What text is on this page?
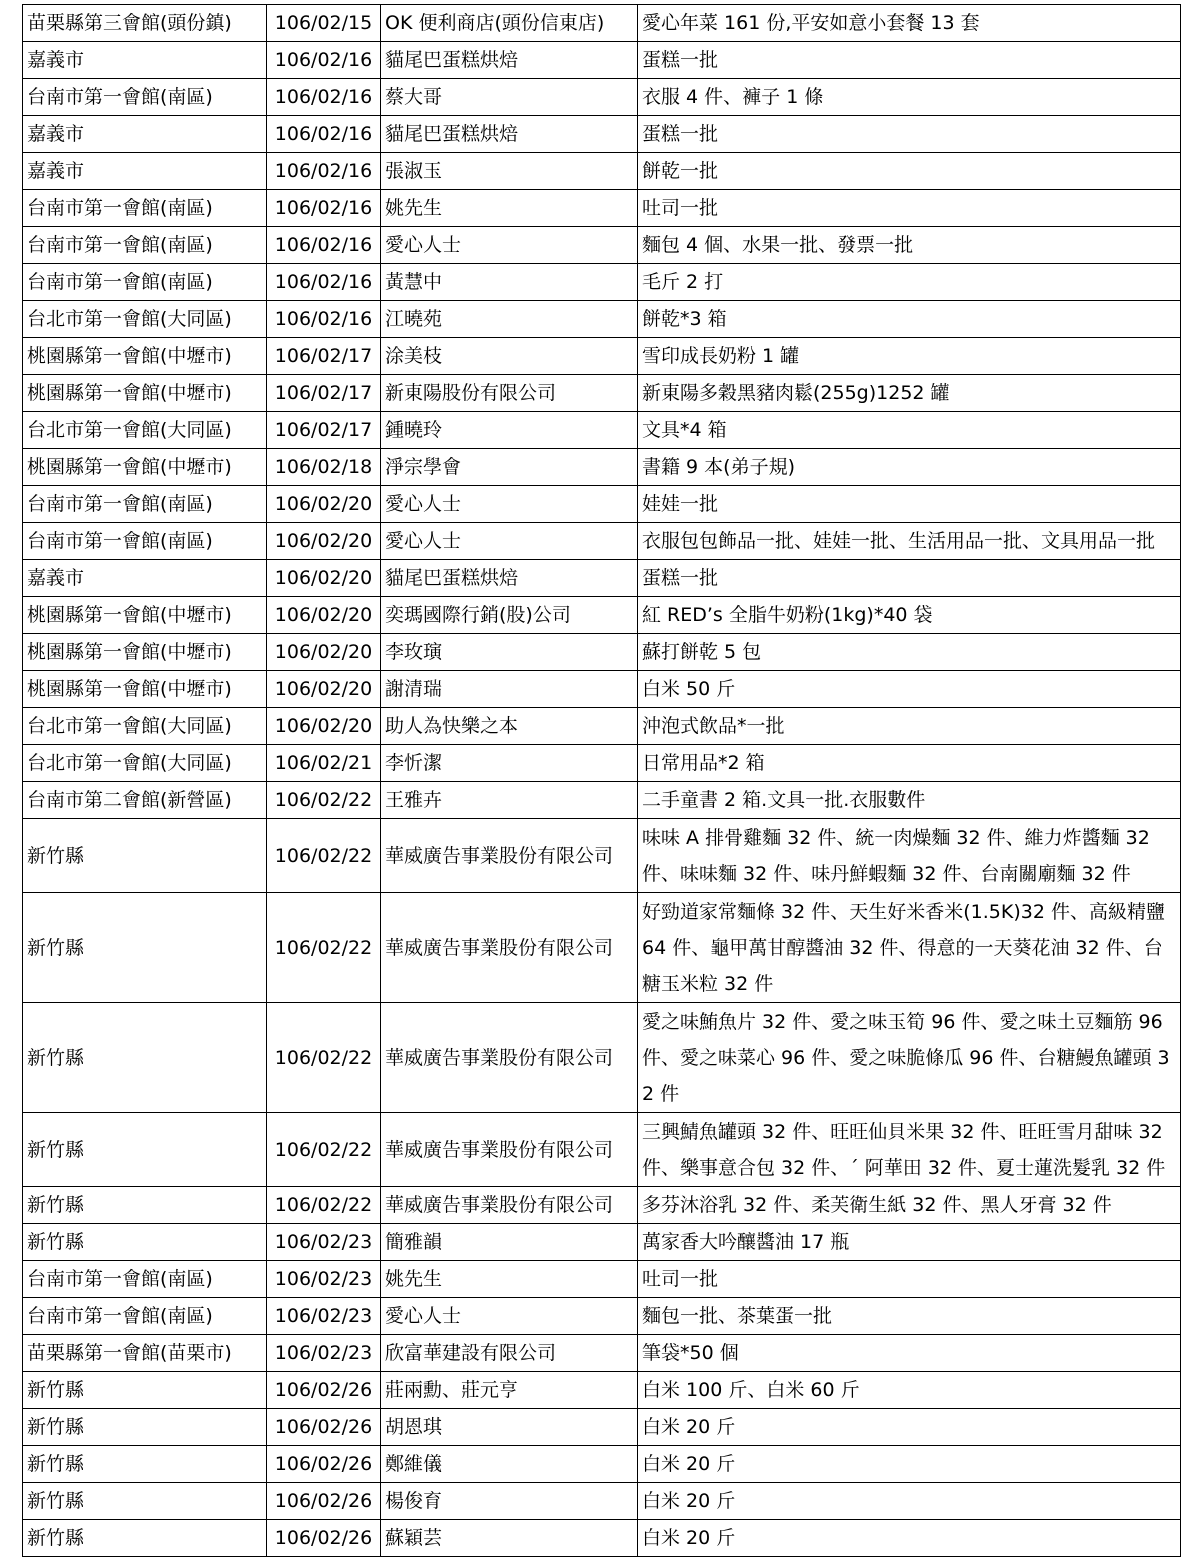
苗栗縣第三會館(頭份鎮)	106/02/15	OK 便利商店(頭份信東店)	愛心年菜 161 份,平安如意小套餐 13 套
嘉義市	106/02/16	貓尾巴蛋糕烘焙	蛋糕一批
台南市第一會館(南區)	106/02/16	蔡大哥	衣服 4 件、褲子 1 條
嘉義市	106/02/16	貓尾巴蛋糕烘焙	蛋糕一批
嘉義市	106/02/16	張淑玉	餅乾一批
台南市第一會館(南區)	106/02/16	姚先生	吐司一批
台南市第一會館(南區)	106/02/16	愛心人士	麵包 4 個、水果一批、發票一批
台南市第一會館(南區)	106/02/16	黃慧中	毛斤 2 打
台北市第一會館(大同區)	106/02/16	江曉苑	餅乾*3 箱
桃園縣第一會館(中壢市)	106/02/17	涂美枝	雪印成長奶粉 1 罐
桃園縣第一會館(中壢市)	106/02/17	新東陽股份有限公司	新東陽多穀黑豬肉鬆(255g)1252 罐
台北市第一會館(大同區)	106/02/17	鍾曉玲	文具*4 箱
桃園縣第一會館(中壢市)	106/02/18	淨宗學會	書籍 9 本(弟子規)
台南市第一會館(南區)	106/02/20	愛心人士	娃娃一批
台南市第一會館(南區)	106/02/20	愛心人士	衣服包包飾品一批、娃娃一批、生活用品一批、文具用品一批
嘉義市	106/02/20	貓尾巴蛋糕烘焙	蛋糕一批
桃園縣第一會館(中壢市)	106/02/20	奕瑪國際行銷(股)公司	紅 RED’s 全脂牛奶粉(1kg)*40 袋
桃園縣第一會館(中壢市)	106/02/20	李玫璌	蘇打餅乾 5 包
桃園縣第一會館(中壢市)	106/02/20	謝清瑞	白米 50 斤
台北市第一會館(大同區)	106/02/20	助人為快樂之本	沖泡式飲品*一批
台北市第一會館(大同區)	106/02/21	李忻潔	日常用品*2 箱
台南市第二會館(新營區)	106/02/22	王雅卉	二手童書 2 箱.文具一批.衣服數件
新竹縣	106/02/22	華威廣告事業股份有限公司	味味 A 排骨雞麵 32 件、統一肉燥麵 32 件、維力炸醬麵 32 件、味味麵 32 件、味丹鮮蝦麵 32 件、台南關廟麵 32 件
新竹縣	106/02/22	華威廣告事業股份有限公司	好勁道家常麵條 32 件、天生好米香米(1.5K)32 件、高級精鹽 64 件、龜甲萬甘醇醬油 32 件、得意的一天葵花油 32 件、台糖玉米粒 32 件
新竹縣	106/02/22	華威廣告事業股份有限公司	愛之味鮪魚片 32 件、愛之味玉筍 96 件、愛之味土豆麵筋 96 件、愛之味菜心 96 件、愛之味脆條瓜 96 件、台糖鰻魚罐頭 32 件
新竹縣	106/02/22	華威廣告事業股份有限公司	三興鯖魚罐頭 32 件、旺旺仙貝米果 32 件、旺旺雪月甜味 32 件、樂事意合包 32 件、ˊ 阿華田 32 件、夏士蓮洗髮乳 32 件
新竹縣	106/02/22	華威廣告事業股份有限公司	多芬沐浴乳 32 件、柔芙衛生紙 32 件、黑人牙膏 32 件
新竹縣	106/02/23	簡雅韻	萬家香大吟釀醬油 17 瓶
台南市第一會館(南區)	106/02/23	姚先生	吐司一批
台南市第一會館(南區)	106/02/23	愛心人士	麵包一批、茶葉蛋一批
苗栗縣第一會館(苗栗市)	106/02/23	欣富華建設有限公司	筆袋*50 個
新竹縣	106/02/26	莊兩勳、莊元亨	白米 100 斤、白米 60 斤
新竹縣	106/02/26	胡恩琪	白米 20 斤
新竹縣	106/02/26	鄭維儀	白米 20 斤
新竹縣	106/02/26	楊俊育	白米 20 斤
新竹縣	106/02/26	蘇穎芸	白米 20 斤
